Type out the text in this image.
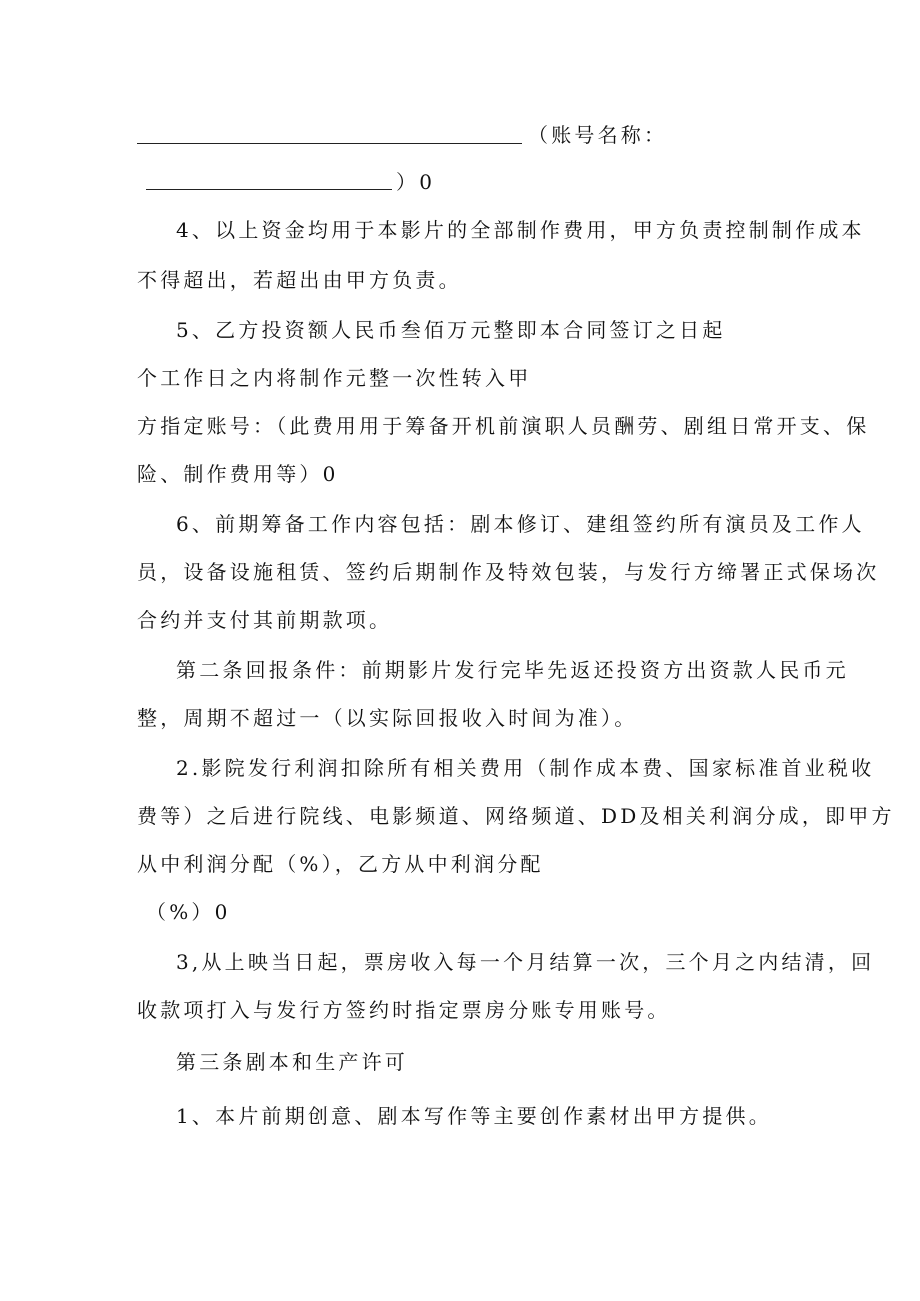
（账号名称：
）0
4、以上资金均用于本影片的全部制作费用，甲方负责控制制作成本
不得超出，若超出由甲方负责。
5、乙方投资额人民币叁佰万元整即本合同签订之日起
个工作日之内将制作元整一次性转入甲
方指定账号：（此费用用于筹备开机前演职人员酬劳、剧组日常开支、保
险、制作费用等）0
6、前期筹备工作内容包括：剧本修订、建组签约所有演员及工作人
员，设备设施租赁、签约后期制作及特效包装，与发行方缔署正式保场次
合约并支付其前期款项。
第二条回报条件：前期影片发行完毕先返还投资方出资款人民币元
整，周期不超过一（以实际回报收入时间为准）。
2.影院发行利润扣除所有相关费用（制作成本费、国家标准首业税收
费等）之后进行院线、电影频道、网络频道、DD及相关利润分成，即甲方
从中利润分配（%），乙方从中利润分配
（%）0
3,从上映当日起，票房收入每一个月结算一次，三个月之内结清，回
收款项打入与发行方签约时指定票房分账专用账号。
第三条剧本和生产许可
1、本片前期创意、剧本写作等主要创作素材出甲方提供。
